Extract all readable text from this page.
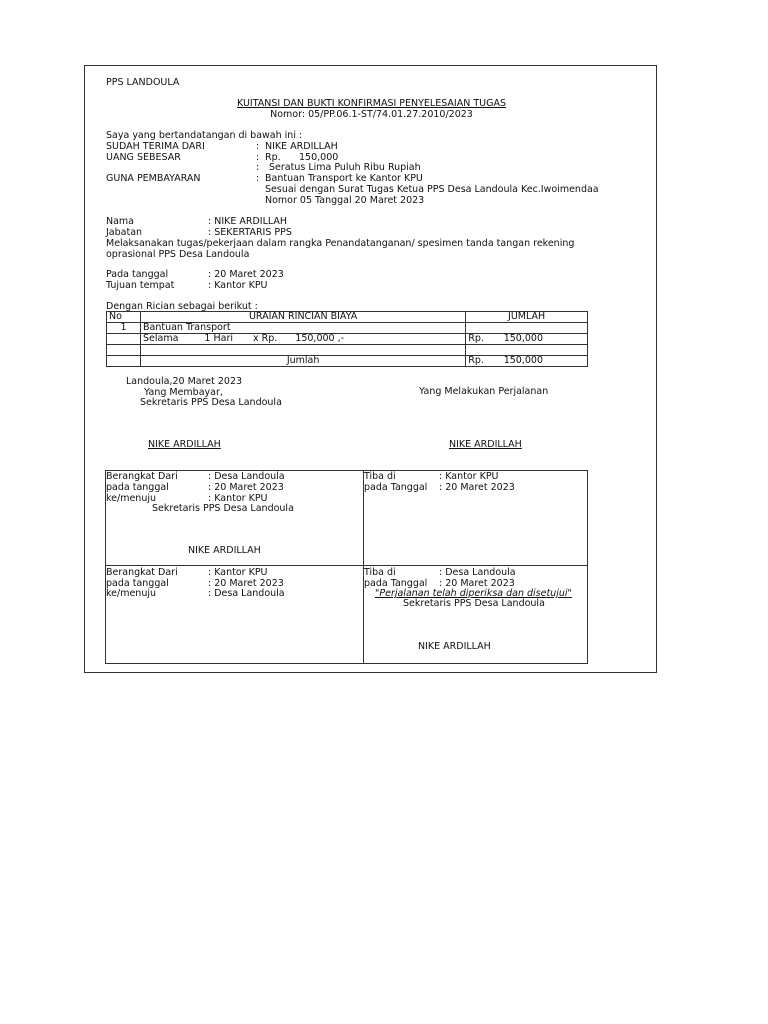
PPS LANDOULA
KUITANSI DAN BUKTI KONFIRMASI PENYELESAIAN TUGAS
Nomor: 05/PP.06.1-ST/74.01.27.2010/2023
Saya yang bertandatangan di bawah ini :
SUDAH TERIMA DARI	: NIKE ARDILLAH
UANG SEBESAR	: Rp. 150,000
: Seratus Lima Puluh Ribu Rupiah
GUNA PEMBAYARAN	: Bantuan Transport ke Kantor KPU
Sesuai dengan Surat Tugas Ketua PPS Desa Landoula Kec.Iwoimendaa
Nomor 05 Tanggal 20 Maret 2023
Nama	: NIKE ARDILLAH
Jabatan	: SEKERTARIS PPS
Melaksanakan tugas/pekerjaan dalam rangka Penandatanganan/ spesimen tanda tangan rekening
oprasional PPS Desa Landoula
Pada tanggal	: 20 Maret 2023
Tujuan tempat	: Kantor KPU
Dengan Rician sebagai berikut :
No	URAIAN RINCIAN BIAYA	JUMLAH	
1	Bantuan Transport		
	Selama 1 Hari x Rp. 150,000 ,-	Rp.	150,000

	Jumlah	Rp.	150,000
Landoula,20 Maret 2023
Yang Membayar,	Yang Melakukan Perjalanan
Sekretaris PPS Desa Landoula
NIKE ARDILLAH	NIKE ARDILLAH
Berangkat Dari	: Desa Landoula
pada tanggal	: 20 Maret 2023
ke/menuju	: Kantor KPU
Sekretaris PPS Desa Landoula
NIKE ARDILLAH
Tiba di	: Kantor KPU
pada Tanggal : 20 Maret 2023
Berangkat Dari	: Kantor KPU
pada tanggal	: 20 Maret 2023
ke/menuju	: Desa Landoula
Tiba di	: Desa Landoula
pada Tanggal : 20 Maret 2023
"Perjalanan telah diperiksa dan disetujui"
Sekretaris PPS Desa Landoula
NIKE ARDILLAH
